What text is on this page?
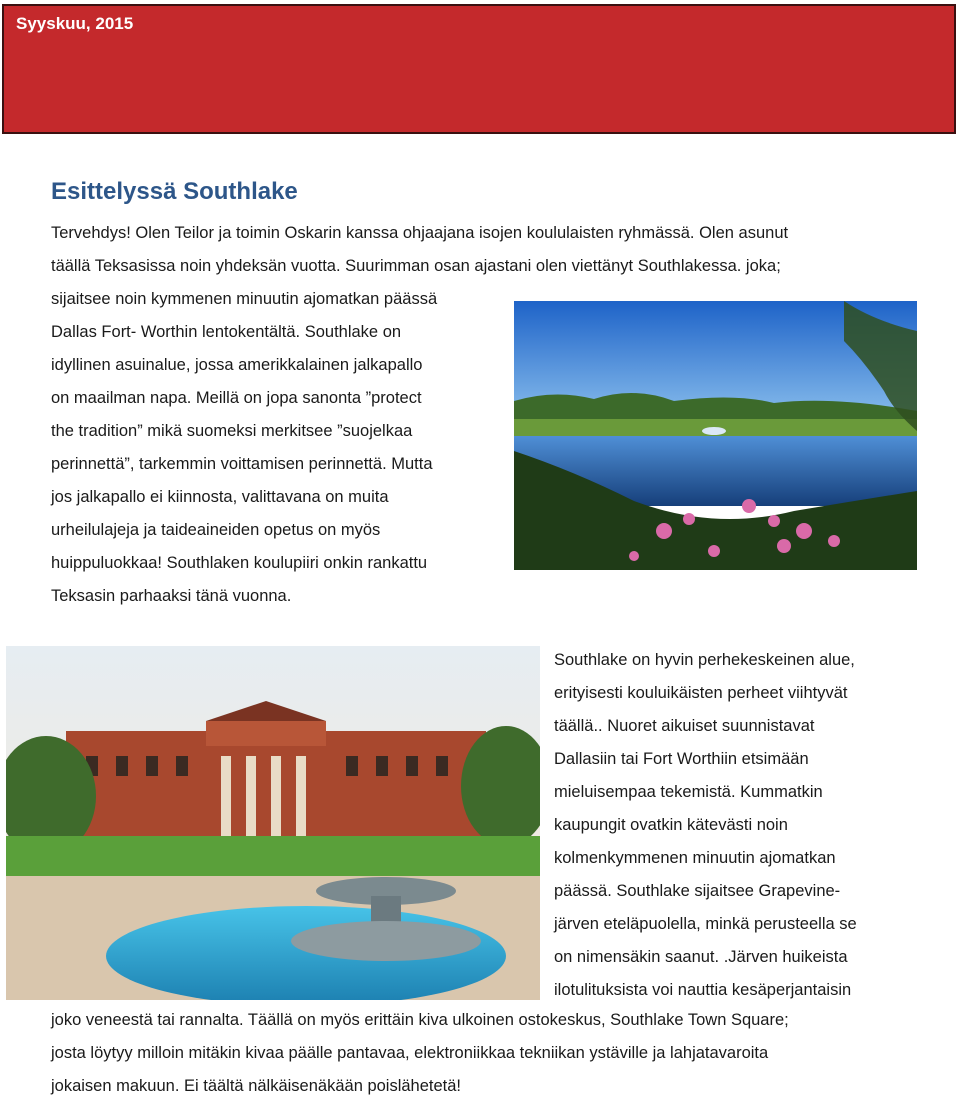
Syyskuu, 2015
Esittelyssä Southlake

Tervehdys! Olen Teilor ja toimin Oskarin kanssa ohjaajana isojen koululaisten ryhmässä. Olen asunut

täällä Teksasissa noin yhdeksän vuotta. Suurimman osan ajastani olen viettänyt Southlakessa. joka;

sijaitsee noin kymmenen minuutin ajomatkan päässä

Dallas Fort- Worthin lentokentältä. Southlake on

idyllinen asuinalue, jossa amerikkalainen jalkapallo

on maailman napa. Meillä on jopa sanonta ”protect

the tradition” mikä suomeksi merkitsee ”suojelkaa

perinnettä”, tarkemmin voittamisen perinnettä. Mutta

jos jalkapallo ei kiinnosta, valittavana on muita

urheilulajeja ja taideaineiden opetus on myös

huippuluokkaa! Southlaken koulupiiri onkin rankattu

Teksasin parhaaksi tänä vuonna.

Southlake on hyvin perhekeskeinen alue,

erityisesti kouluikäisten perheet viihtyvät

täällä.. Nuoret aikuiset suunnistavat

Dallasiin tai Fort Worthiin etsimään

mieluisempaa tekemistä. Kummatkin

kaupungit ovatkin kätevästi noin

kolmenkymmenen minuutin ajomatkan

päässä. Southlake sijaitsee Grapevine-

järven eteläpuolella, minkä perusteella se

on nimensäkin saanut. .Järven huikeista

ilotulituksista voi nauttia kesäperjantaisin

joko veneestä tai rannalta. Täällä on myös erittäin kiva ulkoinen ostokeskus, Southlake Town Square;

josta löytyy milloin mitäkin kivaa päälle pantavaa, elektroniikkaa tekniikan ystäville ja lahjatavaroita

jokaisen makuun. Ei täältä nälkäisenäkään poislähetetä!
